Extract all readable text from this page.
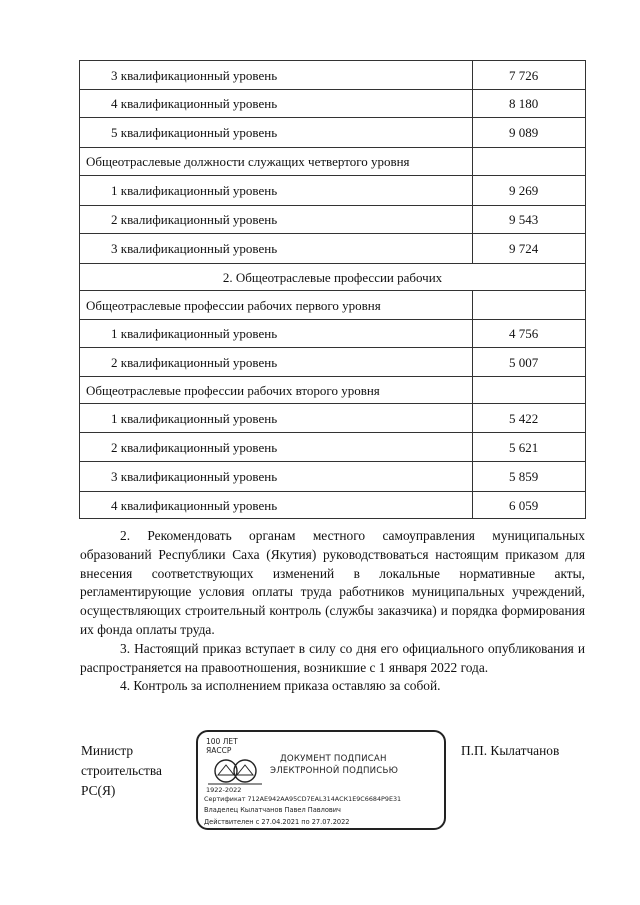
3 квалификационный уровень	7 726
4 квалификационный уровень	8 180
5 квалификационный уровень	9 089
Общеотраслевые должности служащих четвертого уровня	
1 квалификационный уровень	9 269
2 квалификационный уровень	9 543
3 квалификационный уровень	9 724
2. Общеотраслевые профессии рабочих	
Общеотраслевые профессии рабочих первого уровня	
1 квалификационный уровень	4 756
2 квалификационный уровень	5 007
Общеотраслевые профессии рабочих второго уровня	
1 квалификационный уровень	5 422
2 квалификационный уровень	5 621
3 квалификационный уровень	5 859
4 квалификационный уровень	6 059

2. Рекомендовать органам местного самоуправления муниципальных образований Республики Саха (Якутия) руководствоваться настоящим приказом для внесения соответствующих изменений в локальные нормативные акты, регламентирующие условия оплаты труда работников муниципальных учреждений, осуществляющих строительный контроль (службы заказчика) и порядка формирования их фонда оплаты труда.

3. Настоящий приказ вступает в силу со дня его официального опубликования и распространяется на правоотношения, возникшие с 1 января 2022 года.

4. Контроль за исполнением приказа оставляю за собой.

Министр
строительства
РС(Я)
100 ЛЕТ
ЯАССР
1922-2022
ДОКУМЕНТ ПОДПИСАН
ЭЛЕКТРОННОЙ ПОДПИСЬЮ
Сертификат 712АЕ942АА95СD7ЕАL314АСК1Е9С6684Р9Е31
Владелец Кылатчанов Павел Павлович
Действителен с 27.04.2021 по 27.07.2022
П.П. Кылатчанов
